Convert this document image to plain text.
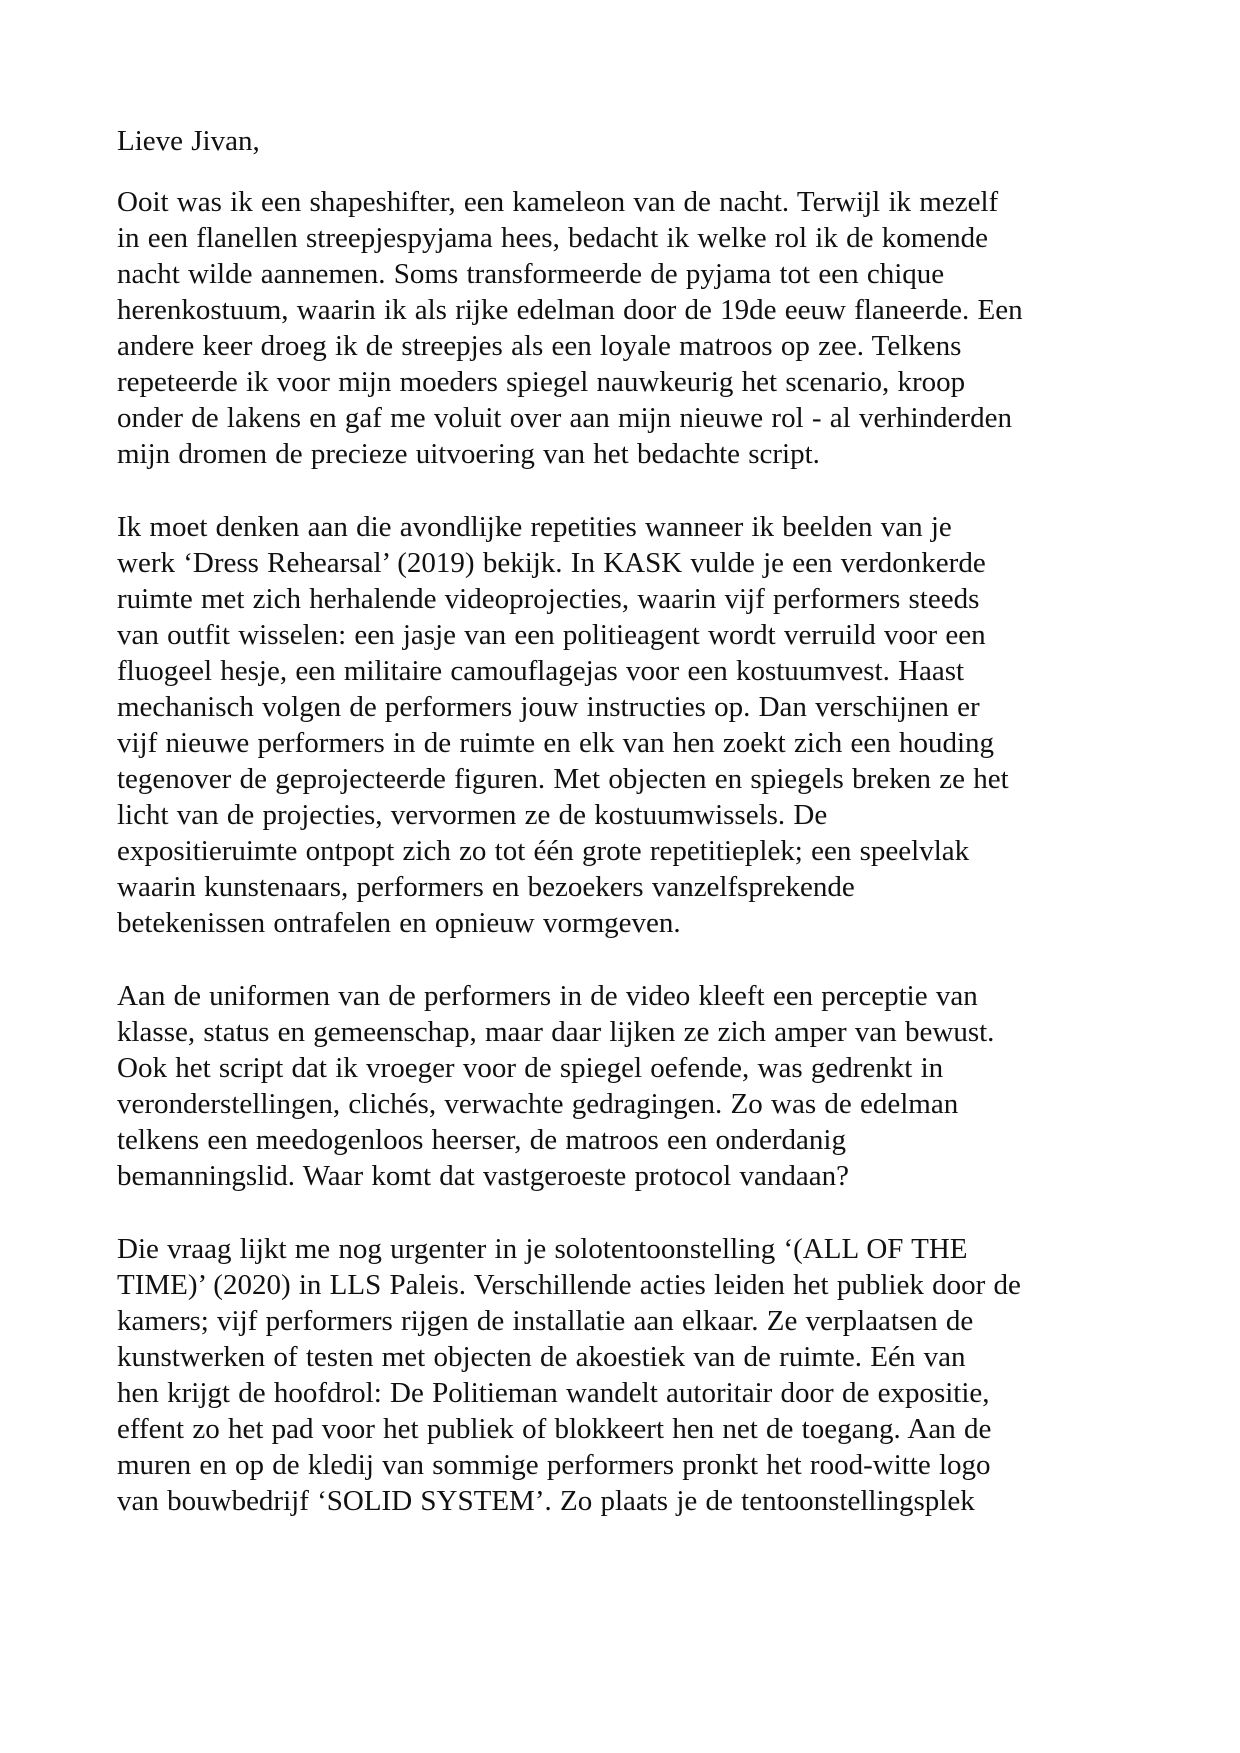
Lieve Jivan,

Ooit was ik een shapeshifter, een kameleon van de nacht. Terwijl ik mezelf
in een flanellen streepjespyjama hees, bedacht ik welke rol ik de komende
nacht wilde aannemen. Soms transformeerde de pyjama tot een chique
herenkostuum, waarin ik als rijke edelman door de 19de eeuw flaneerde. Een
andere keer droeg ik de streepjes als een loyale matroos op zee. Telkens
repeteerde ik voor mijn moeders spiegel nauwkeurig het scenario, kroop
onder de lakens en gaf me voluit over aan mijn nieuwe rol - al verhinderden
mijn dromen de precieze uitvoering van het bedachte script.

Ik moet denken aan die avondlijke repetities wanneer ik beelden van je
werk ‘Dress Rehearsal’ (2019) bekijk. In KASK vulde je een verdonkerde
ruimte met zich herhalende videoprojecties, waarin vijf performers steeds
van outfit wisselen: een jasje van een politieagent wordt verruild voor een
fluogeel hesje, een militaire camouflagejas voor een kostuumvest. Haast
mechanisch volgen de performers jouw instructies op. Dan verschijnen er
vijf nieuwe performers in de ruimte en elk van hen zoekt zich een houding
tegenover de geprojecteerde figuren. Met objecten en spiegels breken ze het
licht van de projecties, vervormen ze de kostuumwissels. De
expositieruimte ontpopt zich zo tot één grote repetitieplek; een speelvlak
waarin kunstenaars, performers en bezoekers vanzelfsprekende
betekenissen ontrafelen en opnieuw vormgeven.

Aan de uniformen van de performers in de video kleeft een perceptie van
klasse, status en gemeenschap, maar daar lijken ze zich amper van bewust.
Ook het script dat ik vroeger voor de spiegel oefende, was gedrenkt in
veronderstellingen, clichés, verwachte gedragingen. Zo was de edelman
telkens een meedogenloos heerser, de matroos een onderdanig
bemanningslid. Waar komt dat vastgeroeste protocol vandaan?

Die vraag lijkt me nog urgenter in je solotentoonstelling ‘(ALL OF THE
TIME)’ (2020) in LLS Paleis. Verschillende acties leiden het publiek door de
kamers; vijf performers rijgen de installatie aan elkaar. Ze verplaatsen de
kunstwerken of testen met objecten de akoestiek van de ruimte. Eén van
hen krijgt de hoofdrol: De Politieman wandelt autoritair door de expositie,
effent zo het pad voor het publiek of blokkeert hen net de toegang. Aan de
muren en op de kledij van sommige performers pronkt het rood-witte logo
van bouwbedrijf ‘SOLID SYSTEM’. Zo plaats je de tentoonstellingsplek
